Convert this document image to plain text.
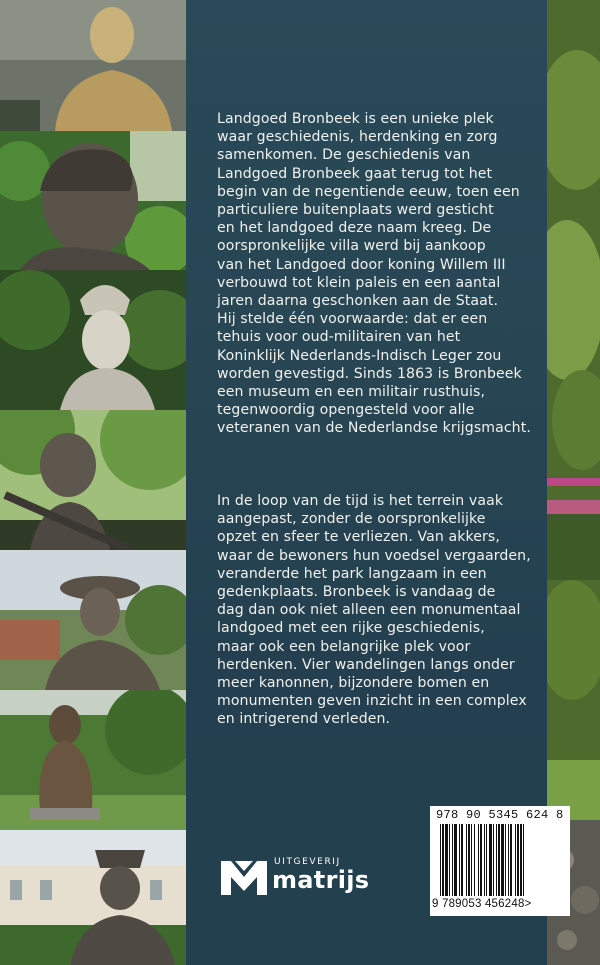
Landgoed Bronbeek is een unieke plek

waar geschiedenis, herdenking en zorg

samenkomen. De geschiedenis van

Landgoed Bronbeek gaat terug tot het

begin van de negentiende eeuw, toen een

particuliere buitenplaats werd gesticht

en het landgoed deze naam kreeg. De

oorspronkelijke villa werd bij aankoop

van het Landgoed door koning Willem III

verbouwd tot klein paleis en een aantal

jaren daarna geschonken aan de Staat.

Hij stelde één voorwaarde: dat er een

tehuis voor oud-militairen van het

Koninklijk Nederlands-Indisch Leger zou

worden gevestigd. Sinds 1863 is Bronbeek

een museum en een militair rusthuis,

tegenwoordig opengesteld voor alle

veteranen van de Nederlandse krijgsmacht.

In de loop van de tijd is het terrein vaak

aangepast, zonder de oorspronkelijke

opzet en sfeer te verliezen. Van akkers,

waar de bewoners hun voedsel vergaarden,

veranderde het park langzaam in een

gedenkplaats. Bronbeek is vandaag de

dag dan ook niet alleen een monumentaal

landgoed met een rijke geschiedenis,

maar ook een belangrijke plek voor

herdenken. Vier wandelingen langs onder

meer kanonnen, bijzondere bomen en

monumenten geven inzicht in een complex

en intrigerend verleden.

UITGEVERIJ
matrijs
978 90 5345 624 8
9 789053 456248>
